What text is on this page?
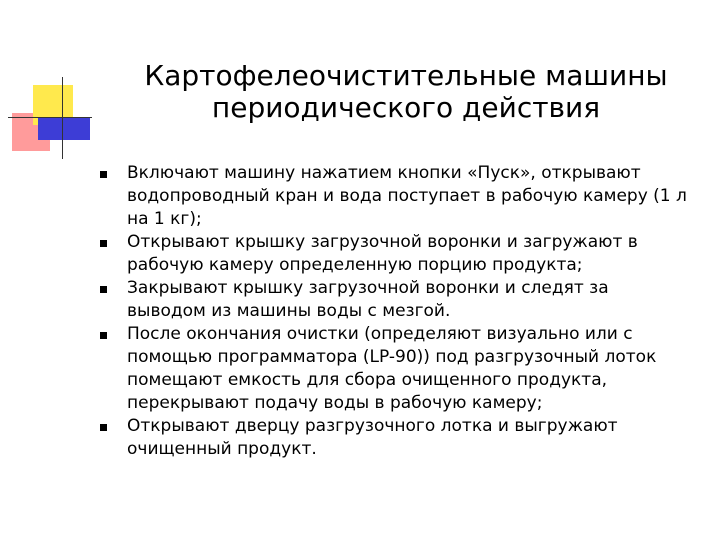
Картофелеочистительные машины
периодического действия
Включают машину нажатием кнопки «Пуск», открывают водопроводный кран и вода поступает в рабочую камеру (1 л на 1 кг);
Открывают крышку загрузочной воронки и загружают в рабочую камеру определенную порцию продукта;
Закрывают крышку загрузочной воронки и следят за выводом из машины воды с мезгой.
После окончания очистки (определяют визуально или с помощью программатора (LP-90)) под разгрузочный лоток помещают емкость для сбора очищенного продукта, перекрывают подачу воды в рабочую камеру;
Открывают дверцу разгрузочного лотка и выгружают очищенный продукт.
